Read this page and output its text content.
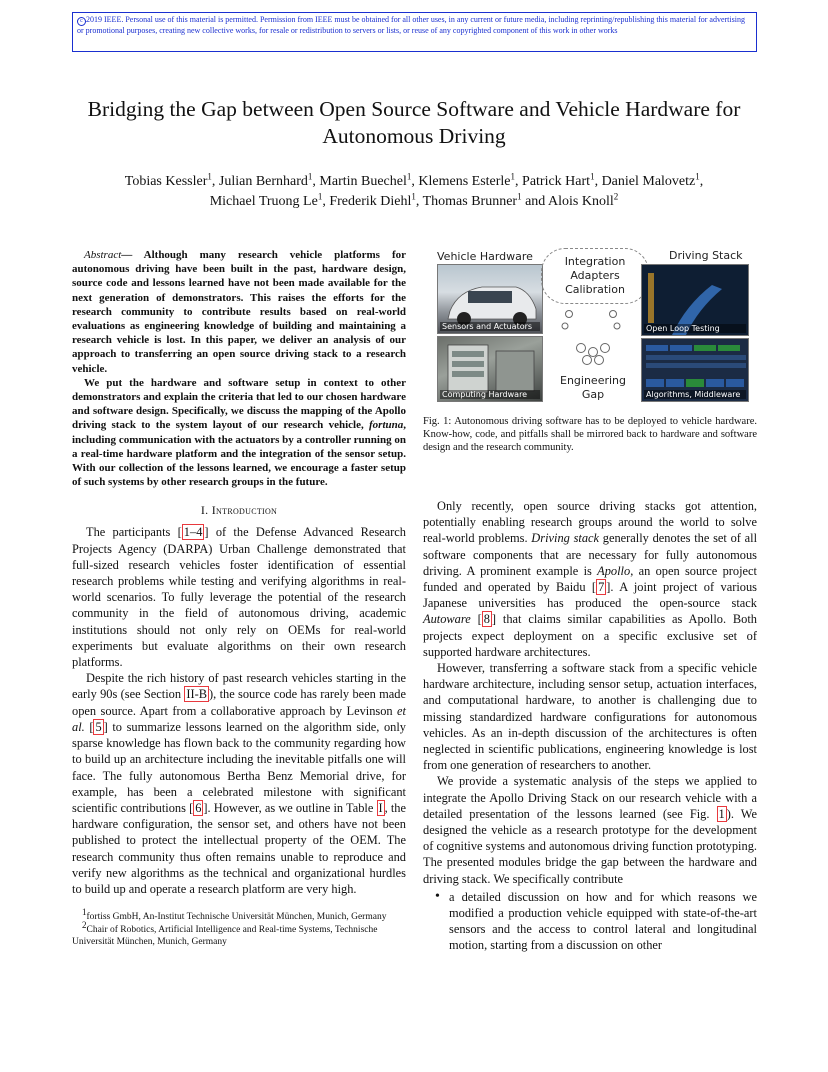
c 2019 IEEE. Personal use of this material is permitted. Permission from IEEE must be obtained for all other uses, in any current or future media, including reprinting/republishing this material for advertising or promotional purposes, creating new collective works, for resale or redistribution to servers or lists, or reuse of any copyrighted component of this work in other works
Bridging the Gap between Open Source Software and Vehicle Hardware for Autonomous Driving
Tobias Kessler$^1$, Julian Bernhard$^1$, Martin Buechel$^1$, Klemens Esterle$^1$, Patrick Hart$^1$, Daniel Malovetz$^1$,
Michael Truong Le$^1$, Frederik Diehl$^1$, Thomas Brunner$^1$ and Alois Knoll$^2$

Abstract— Although many research vehicle platforms for autonomous driving have been built in the past, hardware design, source code and lessons learned have not been made available for the next generation of demonstrators. This raises the efforts for the research community to contribute results based on real-world evaluations as engineering knowledge of building and maintaining a research vehicle is lost. In this paper, we deliver an analysis of our approach to transferring an open source driving stack to a research vehicle.

We put the hardware and software setup in context to other demonstrators and explain the criteria that led to our chosen hardware and software design. Specifically, we discuss the mapping of the Apollo driving stack to the system layout of our research vehicle, fortuna, including communication with the actuators by a controller running on a real-time hardware platform and the integration of the sensor setup. With our collection of the lessons learned, we encourage a faster setup of such systems by other research groups in the future.

I. Introduction

The participants [ 1–4 ] of the Defense Advanced Research Projects Agency (DARPA) Urban Challenge demonstrated that full-sized research vehicles foster identification of essential research problems while testing and verifying algorithms in real-world scenarios. To fully leverage the potential of the research community in the field of autonomous driving, academic institutions should not only rely on OEMs for real-world experiments but evaluate algorithms on their own research platforms.

Despite the rich history of past research vehicles starting in the early 90s (see Section II-B ), the source code has rarely been made open source. Apart from a collaborative approach by Levinson et al. [ 5 ] to summarize lessons learned on the algorithm side, only sparse knowledge has flown back to the community regarding how to build up an architecture including the inevitable pitfalls one will face. The fully autonomous Bertha Benz Memorial drive, for example, has been a celebrated milestone with significant scientific contributions [ 6 ]. However, as we outline in Table I , the hardware configuration, the sensor set, and others have not been published to protect the intellectual property of the OEM. The research community thus often remains unable to reproduce and verify new algorithms as the technical and organizational hurdles to build up and operate a research platform are very high.

$^1$fortiss GmbH, An-Institut Technische Universität München, Munich, Germany

$^2$Chair of Robotics, Artificial Intelligence and Real-time Systems, Technische Universität München, Munich, Germany

Vehicle Hardware	Driving Stack
Sensors and Actuators
Computing Hardware
Integration Adapters Calibration
Engineering Gap
Open Loop Testing
Algorithms, Middleware
Fig. 1: Autonomous driving software has to be deployed to vehicle hardware. Know-how, code, and pitfalls shall be mirrored back to hardware and software design and the research community.

Only recently, open source driving stacks got attention, potentially enabling research groups around the world to solve real-world problems. Driving stack generally denotes the set of all software components that are necessary for fully autonomous driving. A prominent example is Apollo, an open source project funded and operated by Baidu [ 7 ]. A joint project of various Japanese universities has produced the open-source stack Autoware [ 8 ] that claims similar capabilities as Apollo. Both projects expect deployment on a specific exclusive set of supported hardware architectures.

However, transferring a software stack from a specific vehicle hardware architecture, including sensor setup, actuation interfaces, and computational hardware, to another is challenging due to missing standardized hardware configurations for autonomous vehicles. As an in-depth discussion of the architectures is often neglected in scientific publications, engineering knowledge is lost from one generation of researchers to another.

We provide a systematic analysis of the steps we applied to integrate the Apollo Driving Stack on our research vehicle with a detailed presentation of the lessons learned (see Fig. 1 ). We designed the vehicle as a research prototype for the development of cognitive systems and autonomous driving function prototyping. The presented modules bridge the gap between the hardware and driving stack. We specifically contribute

• a detailed discussion on how and for which reasons we modified a production vehicle equipped with state-of-the-art sensors and the access to control lateral and longitudinal motion, starting from a discussion on other
